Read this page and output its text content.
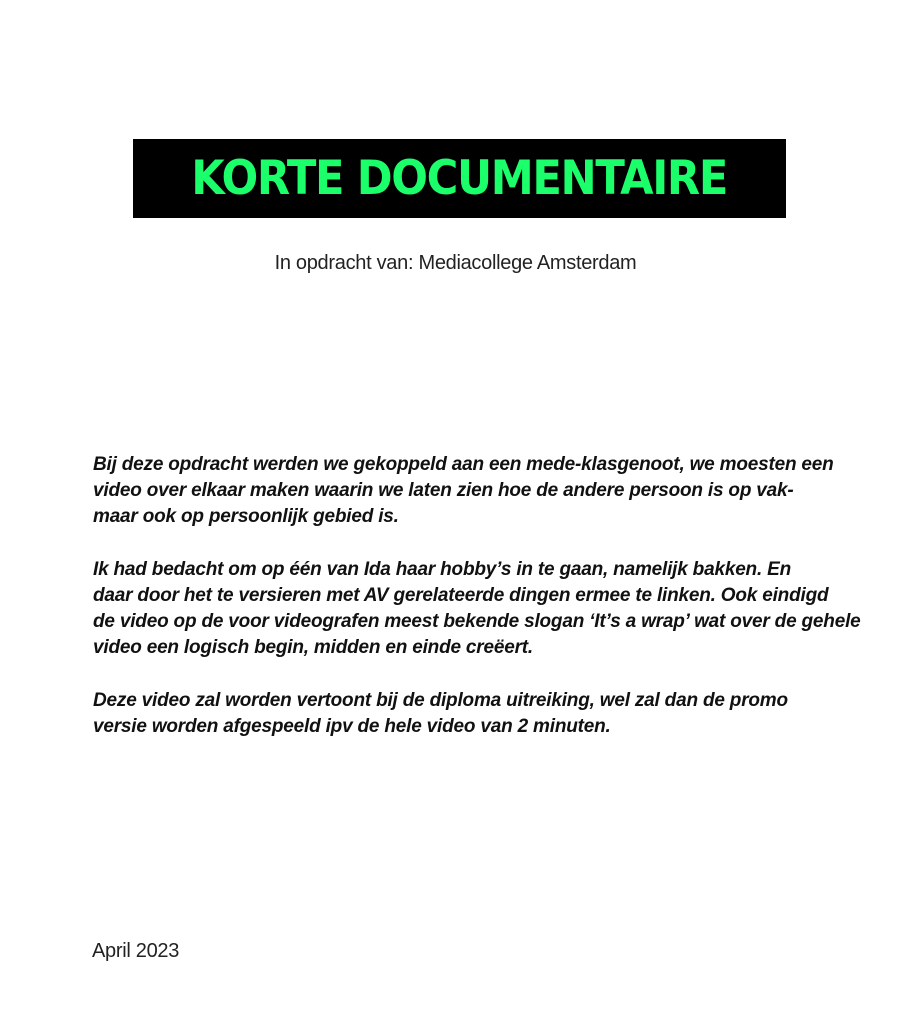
KORTE DOCUMENTAIRE
In opdracht van: Mediacollege Amsterdam

Bij deze opdracht werden we gekoppeld aan een mede-klasgenoot, we moesten een
video over elkaar maken waarin we laten zien hoe de andere persoon is op vak-
maar ook op persoonlijk gebied is.

Ik had bedacht om op één van Ida haar hobby’s in te gaan, namelijk bakken. En
daar door het te versieren met AV gerelateerde dingen ermee te linken. Ook eindigd
de video op de voor videografen meest bekende slogan ‘It’s a wrap’ wat over de gehele
video een logisch begin, midden en einde creëert.

Deze video zal worden vertoont bij de diploma uitreiking, wel zal dan de promo
versie worden afgespeeld ipv de hele video van 2 minuten.

April 2023
